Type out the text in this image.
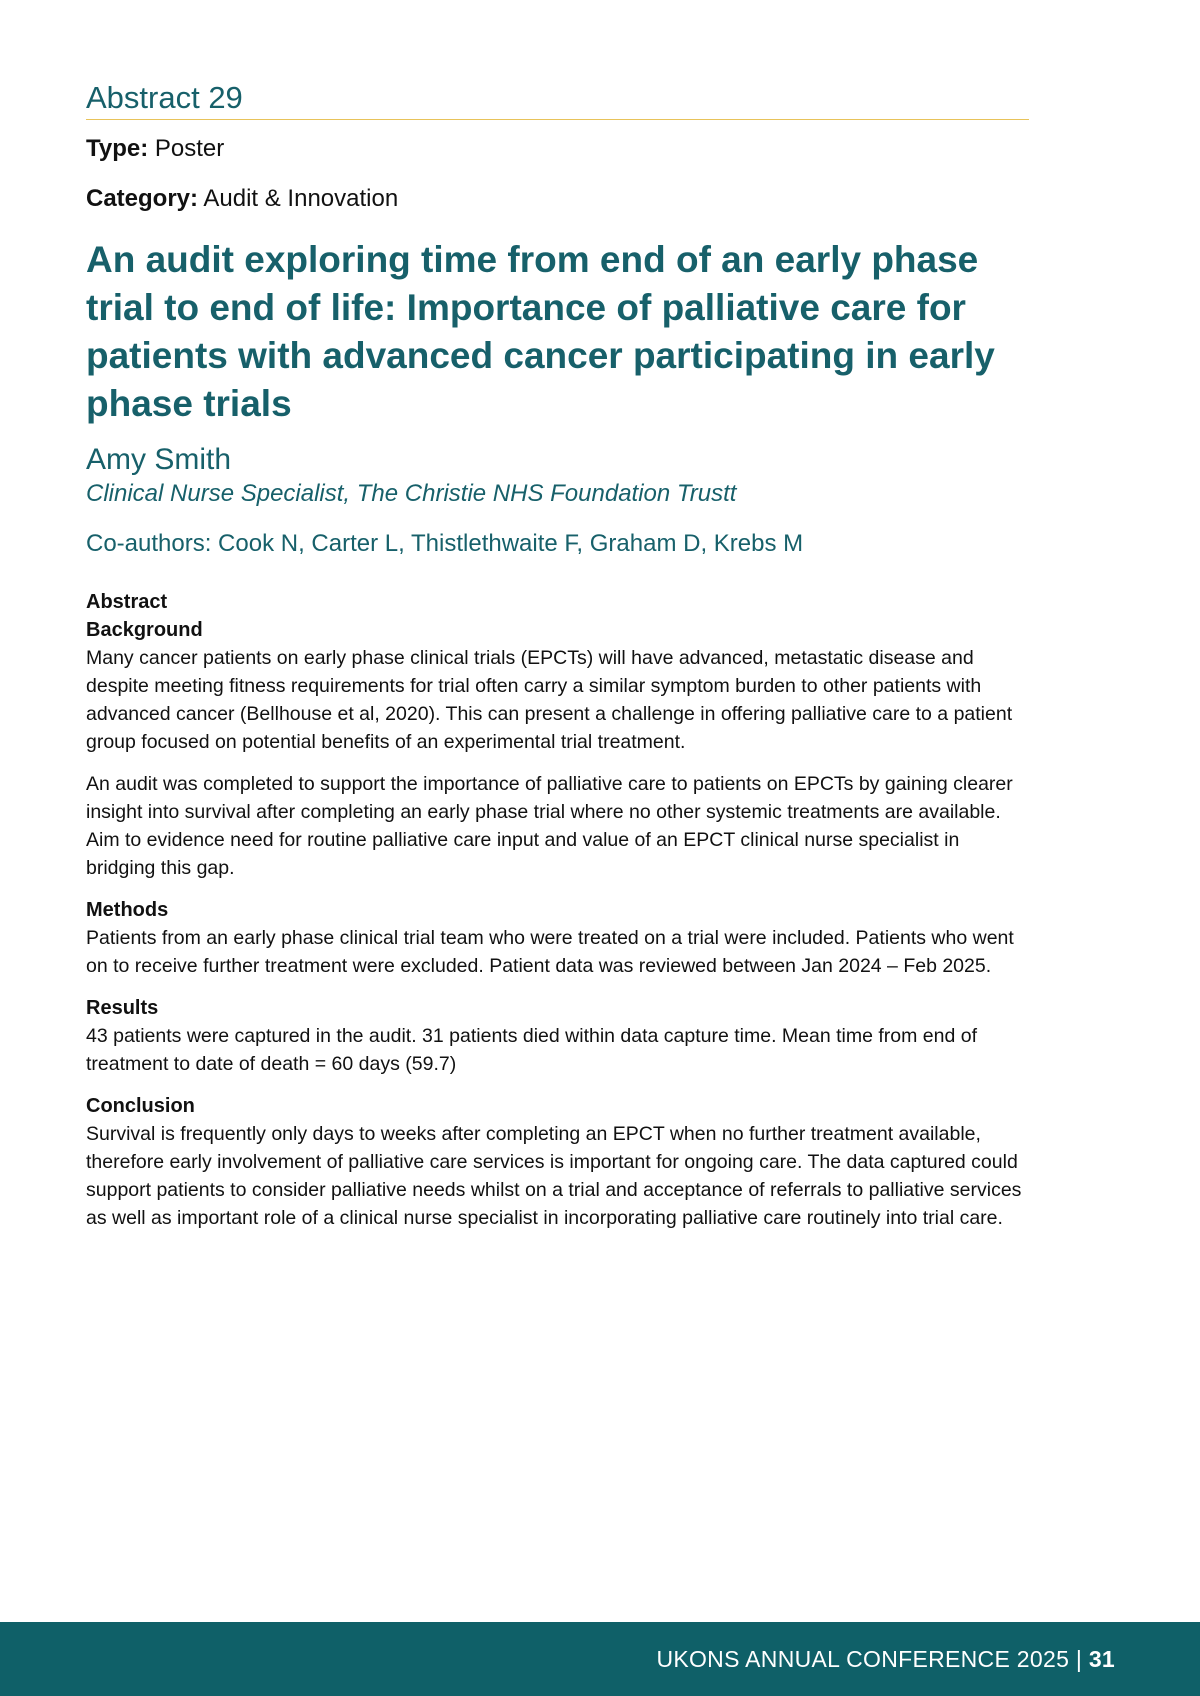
Abstract 29
Type: Poster
Category: Audit & Innovation
An audit exploring time from end of an early phase trial to end of life: Importance of palliative care for patients with advanced cancer participating in early phase trials
Amy Smith
Clinical Nurse Specialist, The Christie NHS Foundation Trustt
Co-authors: Cook N, Carter L, Thistlethwaite F, Graham D, Krebs M
Abstract
Background

Many cancer patients on early phase clinical trials (EPCTs) will have advanced, metastatic disease and despite meeting fitness requirements for trial often carry a similar symptom burden to other patients with advanced cancer (Bellhouse et al, 2020). This can present a challenge in offering palliative care to a patient group focused on potential benefits of an experimental trial treatment.

An audit was completed to support the importance of palliative care to patients on EPCTs by gaining clearer insight into survival after completing an early phase trial where no other systemic treatments are available. Aim to evidence need for routine palliative care input and value of an EPCT clinical nurse specialist in bridging this gap.

Methods

Patients from an early phase clinical trial team who were treated on a trial were included. Patients who went on to receive further treatment were excluded. Patient data was reviewed between Jan 2024 – Feb 2025.

Results

43 patients were captured in the audit. 31 patients died within data capture time. Mean time from end of treatment to date of death = 60 days (59.7)

Conclusion

Survival is frequently only days to weeks after completing an EPCT when no further treatment available, therefore early involvement of palliative care services is important for ongoing care. The data captured could support patients to consider palliative needs whilst on a trial and acceptance of referrals to palliative services as well as important role of a clinical nurse specialist in incorporating palliative care routinely into trial care.

UKONS ANNUAL CONFERENCE 2025 | 31
